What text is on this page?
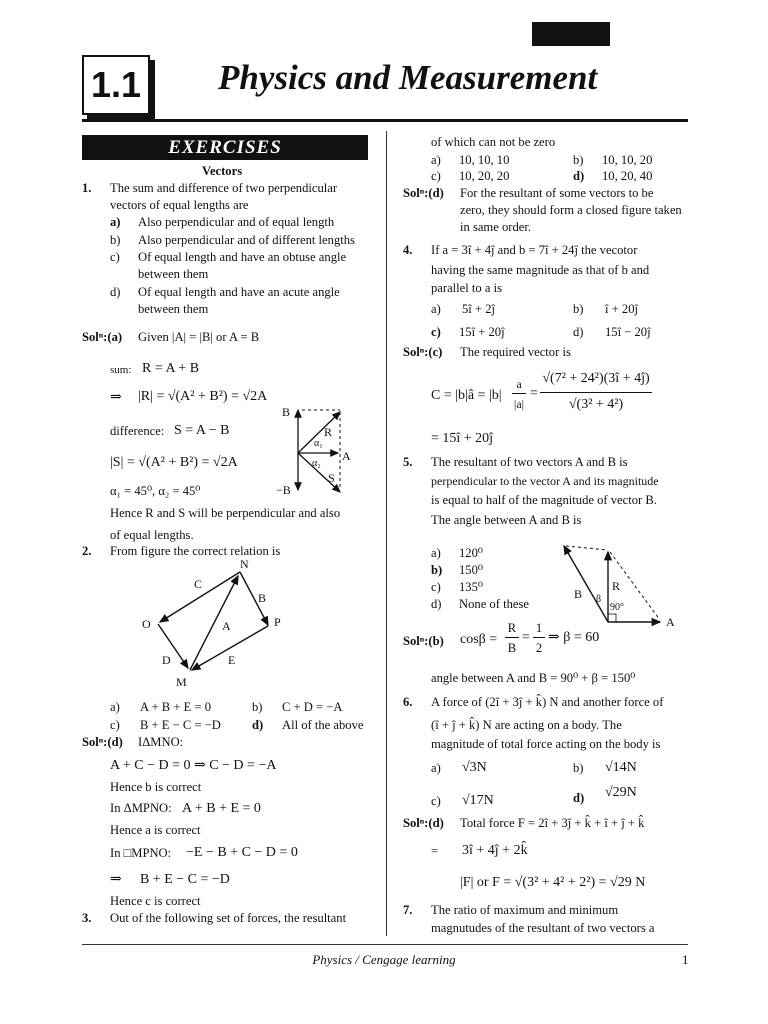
1.1 Physics and Measurement
EXERCISES
Vectors
1. The sum and difference of two perpendicular
vectors of equal lengths are
a) Also perpendicular and of equal length
b) Also perpendicular and of different lengths
c) Of equal length and have an obtuse angle
between them
d) Of equal length and have an acute angle
between them
Solⁿ:(a) Given |A| = |B| or A = B
sum: R = A + B
⇒ |R| = √(A² + B²) = √2A
difference: S = A − B
|S| = √(A² + B²) = √2A
α₁ = 45⁰, α₂ = 45⁰
Hence R and S will be perpendicular and also
of equal lengths.
B
R
α₁
α₂
A
S
−B
2. From figure the correct relation is
N
C
B
O	A	P
D	E
M
a) A + B + E = 0	b) C + D = −A
c) B + E − C = −D d) All of the above
Solⁿ:(d) IΔMNO:
A + C − D = 0 ⇒ C − D = −A
Hence b is correct
In ΔMPNO: A + B + E = 0
Hence a is correct
In □MPNO: −E − B + C − D = 0
⇒ B + E − C = −D
Hence c is correct
3. Out of the following set of forces, the resultant
of which can not be zero
a) 10, 10, 10	b) 10, 10, 20
c) 10, 20, 20	d) 10, 20, 40
Solⁿ:(d) For the resultant of some vectors to be
zero, they should form a closed figure taken
in same order.
4. If a = 3î + 4ĵ and b = 7î + 24ĵ the vecotor
having the same magnitude as that of b and
parallel to a is
a) 5î + 2ĵ	b) î + 20ĵ
c) 15î + 20ĵ	d) 15î − 20ĵ
Solⁿ:(c) The required vector is
C = |b|â = |b|
a
|a|
=
√(7² + 24²)(3î + 4ĵ)
√(3² + 4²)
= 15î + 20ĵ
5. The resultant of two vectors A and B is
perpendicular to the vector A and its magnitude
is equal to half of the magnitude of vector B.
The angle between A and B is
a) 120⁰
b) 150⁰
c) 135⁰
d) None of these
B β
R
90°
A
Solⁿ:(b) cosβ =
R
B
=
1
2
⇒ β = 60
angle between A and B = 90⁰ + β = 150⁰
6. A force of (2î + 3ĵ + k̂) N and another force of
(î + ĵ + k̂) N are acting on a body. The
magnitude of total force acting on the body is
a) √3N	b) √14N
c) √17N	d) √29N
Solⁿ:(d) Total force F = 2î + 3ĵ + k̂ + î + ĵ + k̂
= 3î + 4ĵ + 2k̂
|F| or F = √(3² + 4² + 2²) = √29 N
7. The ratio of maximum and minimum
magnutudes of the resultant of two vectors a
Physics / Cengage learning	1
